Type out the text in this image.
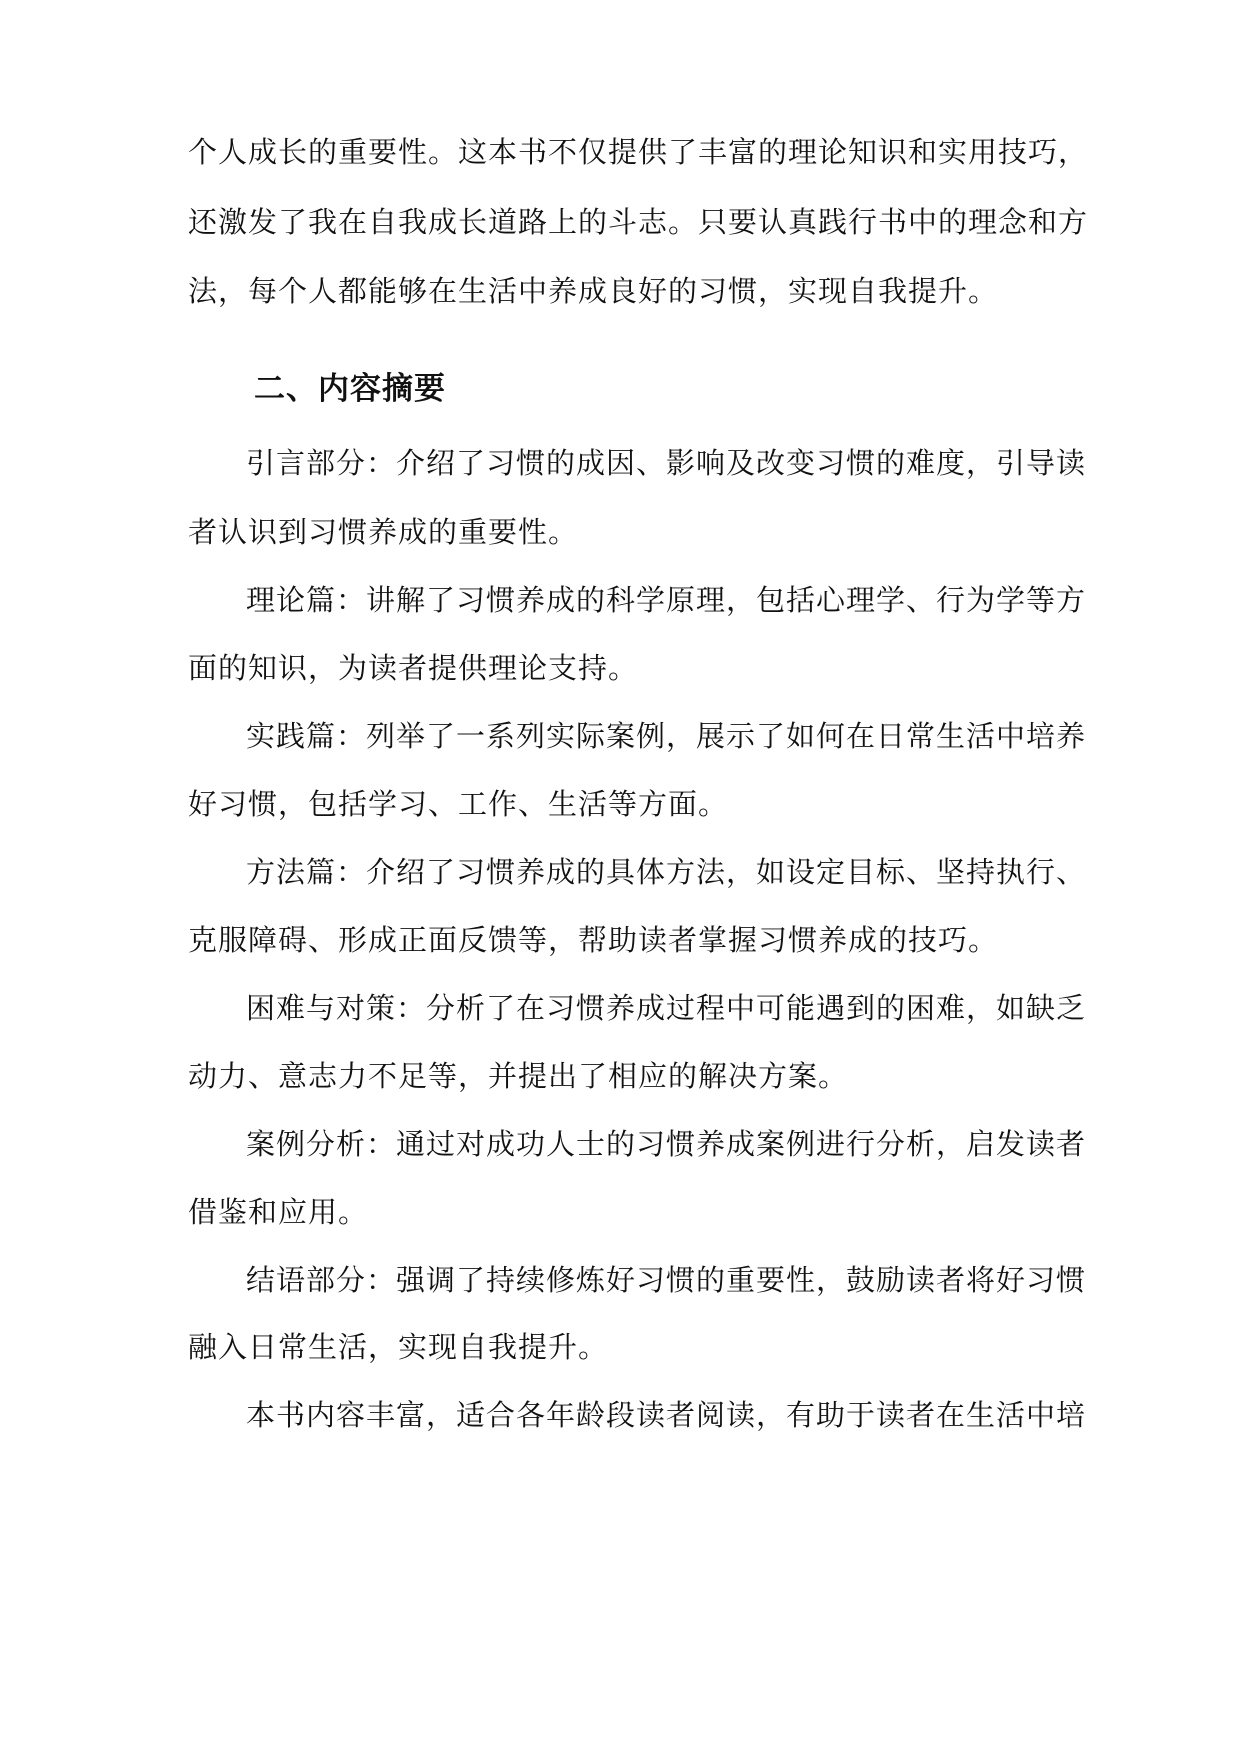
个人成长的重要性。这本书不仅提供了丰富的理论知识和实用技巧，
还激发了我在自我成长道路上的斗志。只要认真践行书中的理念和方
法，每个人都能够在生活中养成良好的习惯，实现自我提升。
二、内容摘要
引言部分：介绍了习惯的成因、影响及改变习惯的难度，引导读
者认识到习惯养成的重要性。
理论篇：讲解了习惯养成的科学原理，包括心理学、行为学等方
面的知识，为读者提供理论支持。
实践篇：列举了一系列实际案例，展示了如何在日常生活中培养
好习惯，包括学习、工作、生活等方面。
方法篇：介绍了习惯养成的具体方法，如设定目标、坚持执行、
克服障碍、形成正面反馈等，帮助读者掌握习惯养成的技巧。
困难与对策：分析了在习惯养成过程中可能遇到的困难，如缺乏
动力、意志力不足等，并提出了相应的解决方案。
案例分析：通过对成功人士的习惯养成案例进行分析，启发读者
借鉴和应用。
结语部分：强调了持续修炼好习惯的重要性，鼓励读者将好习惯
融入日常生活，实现自我提升。
本书内容丰富，适合各年龄段读者阅读，有助于读者在生活中培
